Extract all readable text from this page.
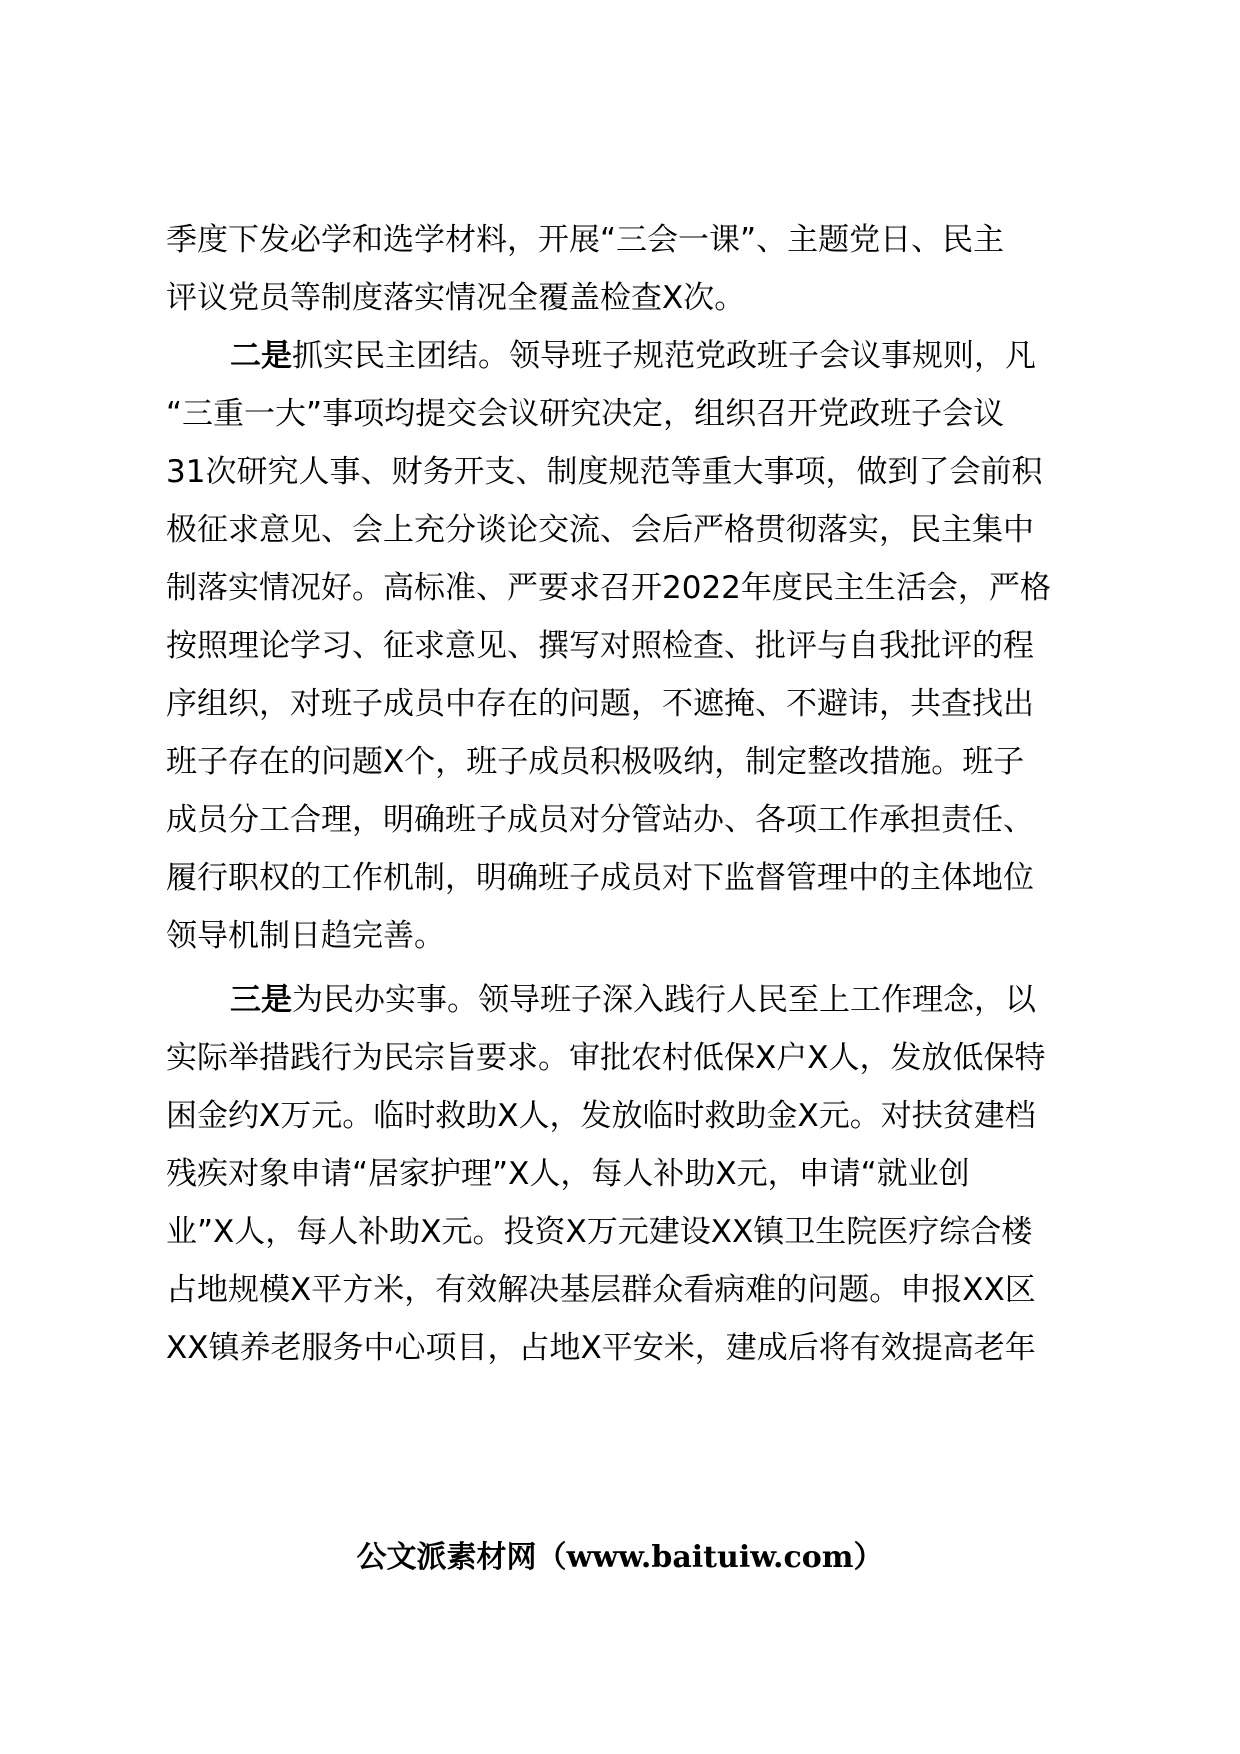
季度下发必学和选学材料，开展“三会一课”、主题党日、民主
评议党员等制度落实情况全覆盖检查X次。
二是抓实民主团结。领导班子规范党政班子会议事规则，凡
“三重一大”事项均提交会议研究决定，组织召开党政班子会议
31次研究人事、财务开支、制度规范等重大事项，做到了会前积
极征求意见、会上充分谈论交流、会后严格贯彻落实，民主集中
制落实情况好。高标准、严要求召开2022年度民主生活会，严格
按照理论学习、征求意见、撰写对照检查、批评与自我批评的程
序组织，对班子成员中存在的问题，不遮掩、不避讳，共查找出
班子存在的问题X个，班子成员积极吸纳，制定整改措施。班子
成员分工合理，明确班子成员对分管站办、各项工作承担责任、
履行职权的工作机制，明确班子成员对下监督管理中的主体地位
领导机制日趋完善。
三是为民办实事。领导班子深入践行人民至上工作理念，以
实际举措践行为民宗旨要求。审批农村低保X户X人，发放低保特
困金约X万元。临时救助X人，发放临时救助金X元。对扶贫建档
残疾对象申请“居家护理”X人，每人补助X元，申请“就业创
业”X人，每人补助X元。投资X万元建设XX镇卫生院医疗综合楼
占地规模X平方米，有效解决基层群众看病难的问题。申报XX区
XX镇养老服务中心项目，占地X平安米，建成后将有效提高老年
公文派素材网（www.baituiw.com）
